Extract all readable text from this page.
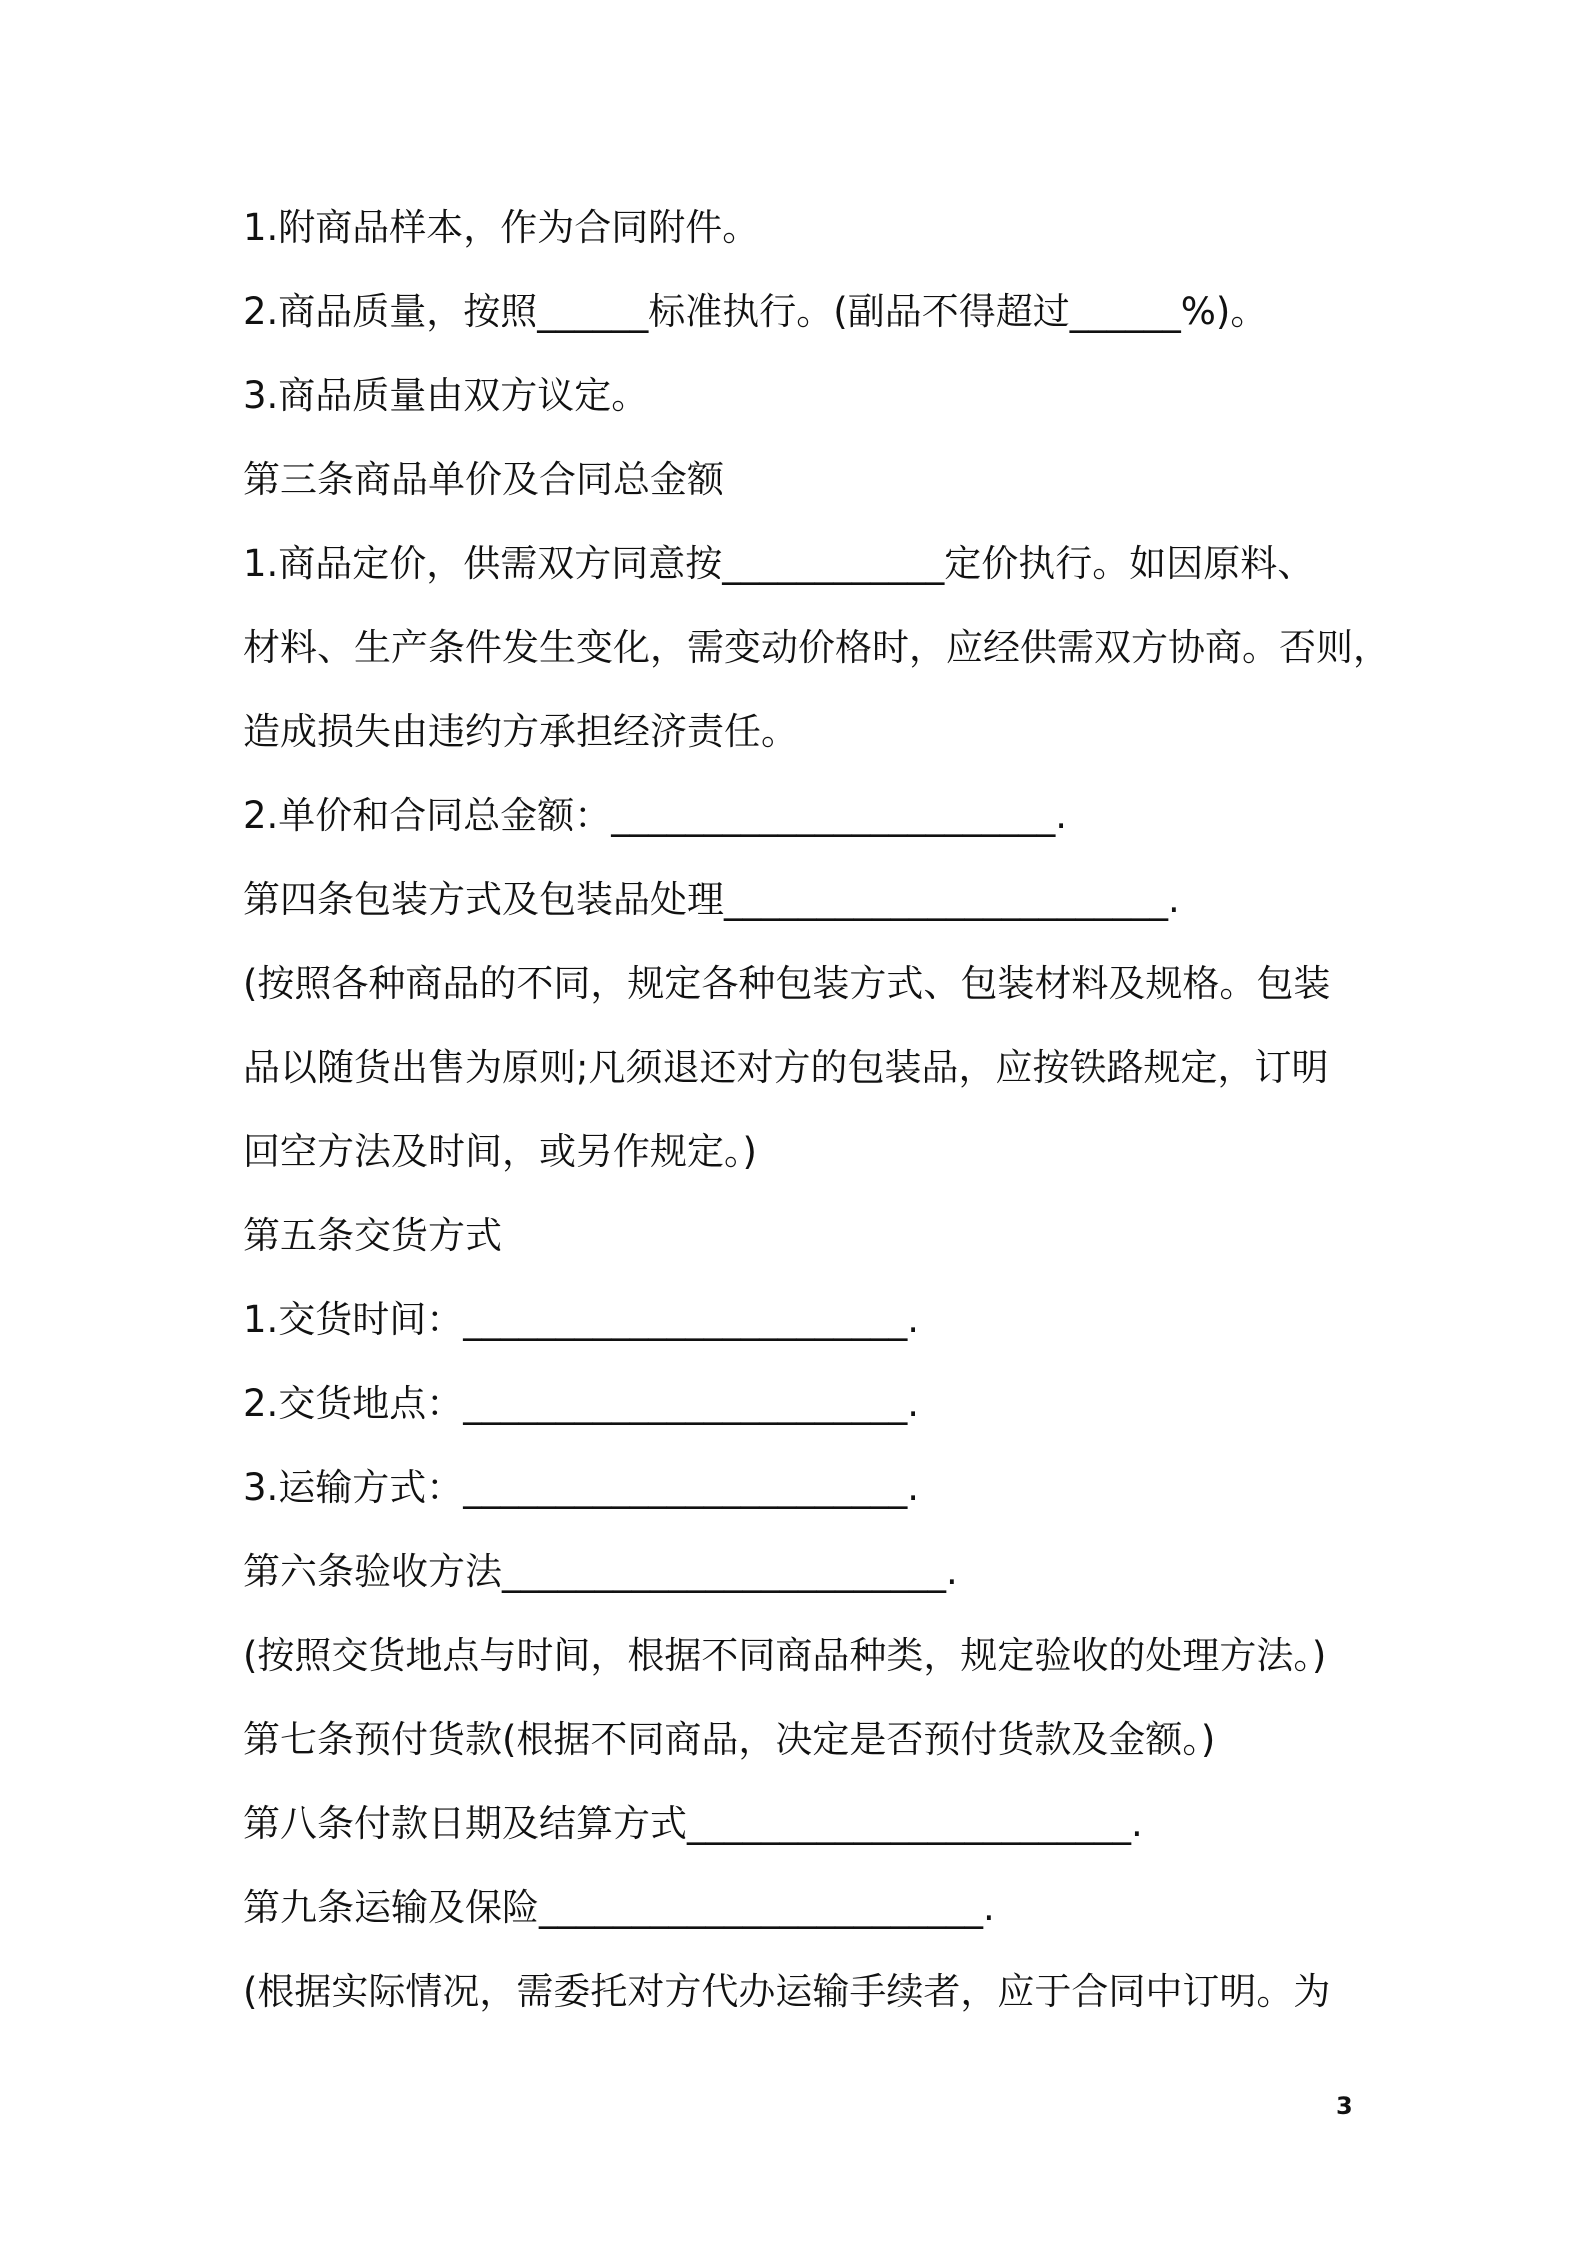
1.附商品样本，作为合同附件。
2.商品质量，按照______标准执行。(副品不得超过______%)。
3.商品质量由双方议定。
第三条商品单价及合同总金额
1.商品定价，供需双方同意按____________定价执行。如因原料、
材料、生产条件发生变化，需变动价格时，应经供需双方协商。否则，
造成损失由违约方承担经济责任。
2.单价和合同总金额：________________________.
第四条包装方式及包装品处理________________________.
(按照各种商品的不同，规定各种包装方式、包装材料及规格。包装
品以随货出售为原则;凡须退还对方的包装品，应按铁路规定，订明
回空方法及时间，或另作规定。)
第五条交货方式
1.交货时间：________________________.
2.交货地点：________________________.
3.运输方式：________________________.
第六条验收方法________________________.
(按照交货地点与时间，根据不同商品种类，规定验收的处理方法。)
第七条预付货款(根据不同商品，决定是否预付货款及金额。)
第八条付款日期及结算方式________________________.
第九条运输及保险________________________.
(根据实际情况，需委托对方代办运输手续者，应于合同中订明。为
3
